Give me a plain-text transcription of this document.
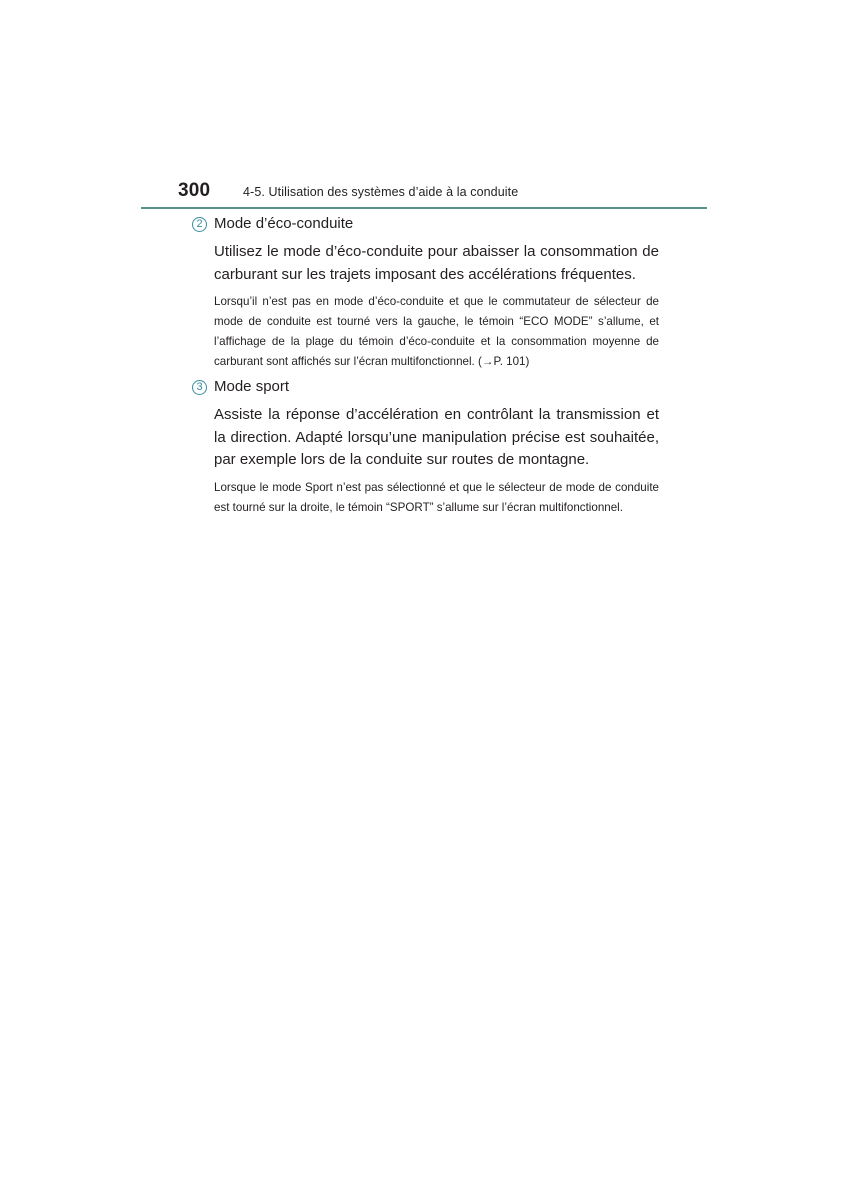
300	4-5. Utilisation des systèmes d’aide à la conduite
2 Mode d’éco-conduite
Utilisez le mode d’éco-conduite pour abaisser la consommation de carburant sur les trajets imposant des accélérations fréquentes.
Lorsqu’il n’est pas en mode d’éco-conduite et que le commutateur de sélecteur de mode de conduite est tourné vers la gauche, le témoin “ECO MODE” s’allume, et l’affichage de la plage du témoin d’éco-conduite et la consommation moyenne de carburant sont affichés sur l’écran multifonctionnel. (→P. 101)
3 Mode sport
Assiste la réponse d’accélération en contrôlant la transmission et la direction. Adapté lorsqu’une manipulation précise est souhaitée, par exemple lors de la conduite sur routes de montagne.
Lorsque le mode Sport n’est pas sélectionné et que le sélecteur de mode de conduite est tourné sur la droite, le témoin “SPORT” s’allume sur l’écran multifonctionnel.
